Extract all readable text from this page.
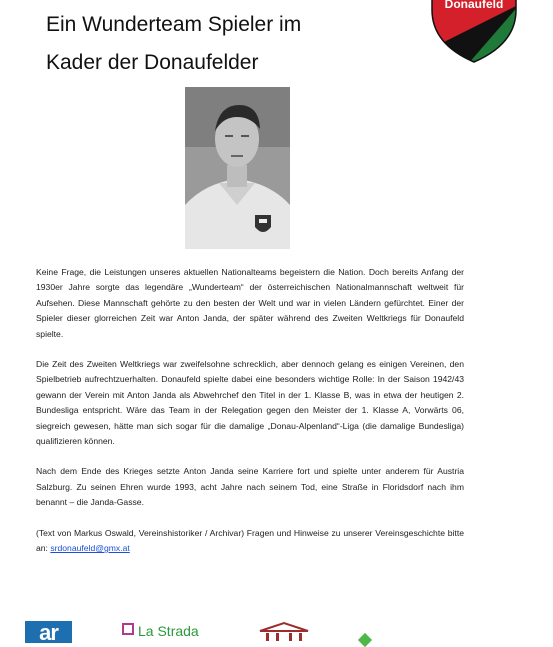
Ein Wunderteam Spieler im
Kader der Donaufelder
Donaufeld

Keine Frage, die Leistungen unseres aktuellen Nationalteams begeistern die Nation. Doch bereits Anfang der 1930er Jahre sorgte das legendäre „Wunderteam“ der österreichischen Nationalmannschaft weltweit für Aufsehen. Diese Mannschaft gehörte zu den besten der Welt und war in vielen Ländern gefürchtet. Einer der Spieler dieser glorreichen Zeit war Anton Janda, der später während des Zweiten Weltkriegs für Donaufeld spielte.

Die Zeit des Zweiten Weltkriegs war zweifelsohne schrecklich, aber dennoch gelang es einigen Vereinen, den Spielbetrieb aufrechtzuerhalten. Donaufeld spielte dabei eine besonders wichtige Rolle: In der Saison 1942/43 gewann der Verein mit Anton Janda als Abwehrchef den Titel in der 1. Klasse B, was in etwa der heutigen 2. Bundesliga entspricht. Wäre das Team in der Relegation gegen den Meister der 1. Klasse A, Vorwärts 06, siegreich gewesen, hätte man sich sogar für die damalige „Donau-Alpenland“-Liga (die damalige Bundesliga) qualifizieren können.

Nach dem Ende des Krieges setzte Anton Janda seine Karriere fort und spielte unter anderem für Austria Salzburg. Zu seinen Ehren wurde 1993, acht Jahre nach seinem Tod, eine Straße in Floridsdorf nach ihm benannt – die Janda-Gasse.

(Text von Markus Oswald, Vereinshistoriker / Archivar) Fragen und Hinweise zu unserer Vereinsgeschichte bitte an: srdonaufeld@gmx.at

ar	La Strada
